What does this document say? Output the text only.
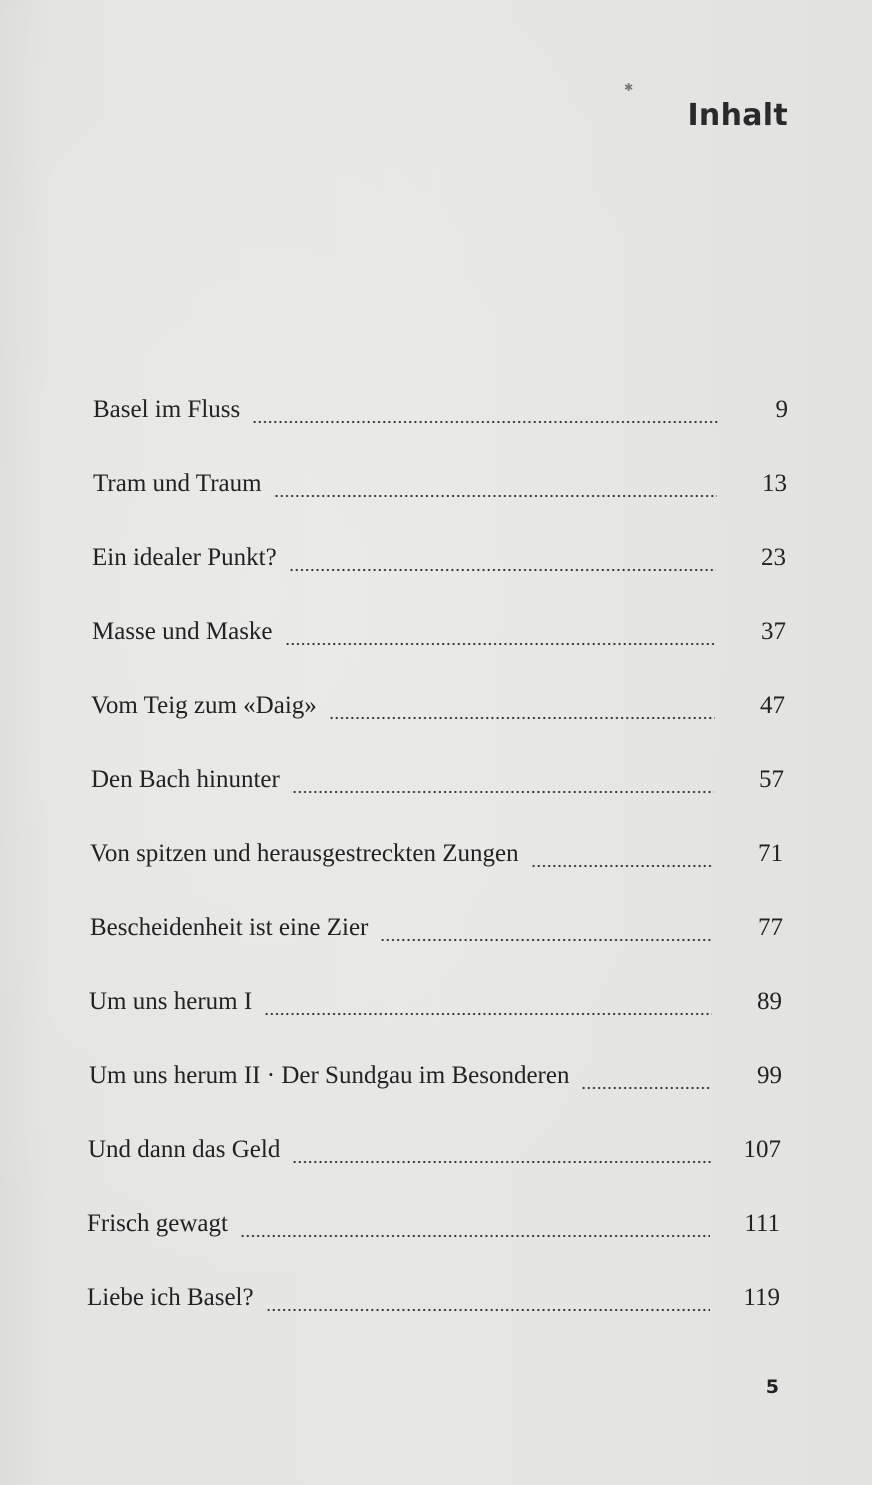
✱
Inhalt
Basel im Fluss	9
Tram und Traum	13
Ein idealer Punkt?	23
Masse und Maske	37
Vom Teig zum «Daig»	47
Den Bach hinunter	57
Von spitzen und herausgestreckten Zungen	71
Bescheidenheit ist eine Zier	77
Um uns herum I	89
Um uns herum II · Der Sundgau im Besonderen	99
Und dann das Geld	107
Frisch gewagt	111
Liebe ich Basel?	119
5
